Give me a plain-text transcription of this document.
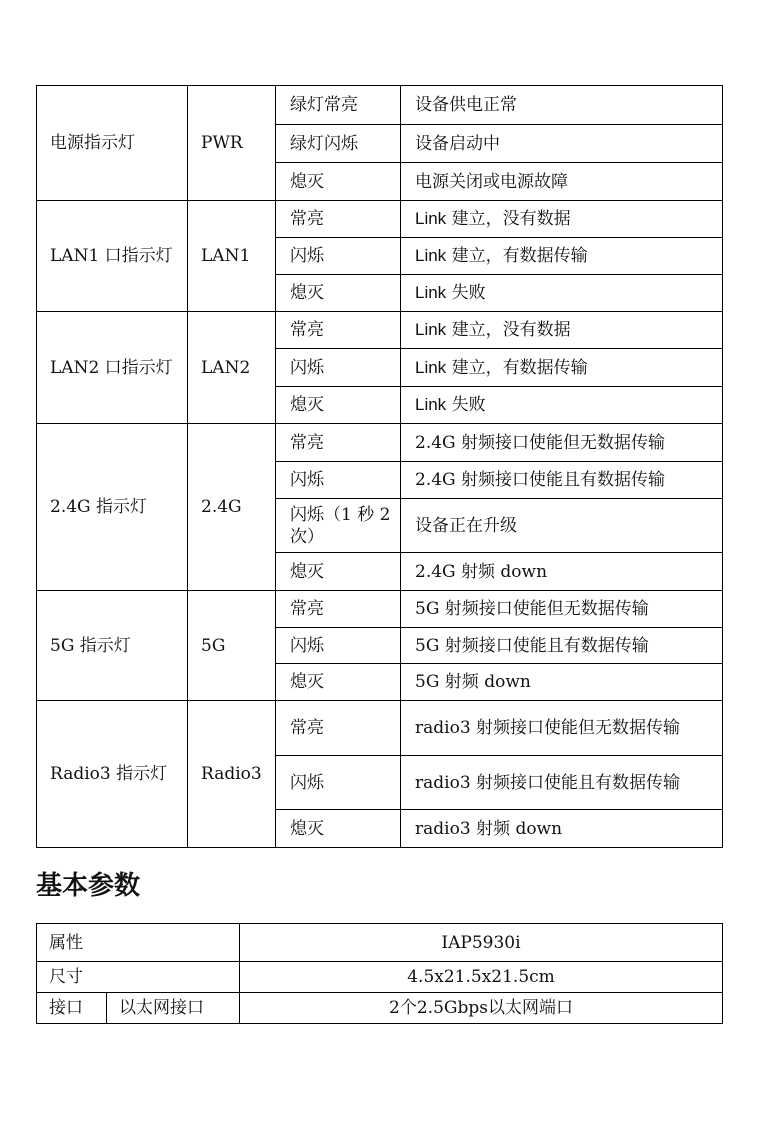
电源指示灯	PWR	绿灯常亮	设备供电正常
		绿灯闪烁	设备启动中
		熄灭	电源关闭或电源故障
LAN1 口指示灯	LAN1	常亮	Link 建立，没有数据
		闪烁	Link 建立，有数据传输
		熄灭	Link 失败
LAN2 口指示灯	LAN2	常亮	Link 建立，没有数据
		闪烁	Link 建立，有数据传输
		熄灭	Link 失败
2.4G 指示灯	2.4G	常亮	2.4G 射频接口使能但无数据传输
		闪烁	2.4G 射频接口使能且有数据传输
		闪烁（1 秒 2 次）	设备正在升级
		熄灭	2.4G 射频 down
5G 指示灯	5G	常亮	5G 射频接口使能但无数据传输
		闪烁	5G 射频接口使能且有数据传输
		熄灭	5G 射频 down
Radio3 指示灯	Radio3	常亮	radio3 射频接口使能但无数据传输
		闪烁	radio3 射频接口使能且有数据传输
		熄灭	radio3 射频 down
基本参数
属性		IAP5930i
尺寸		4.5x21.5x21.5cm
接口	以太网接口	2个2.5Gbps以太网端口
